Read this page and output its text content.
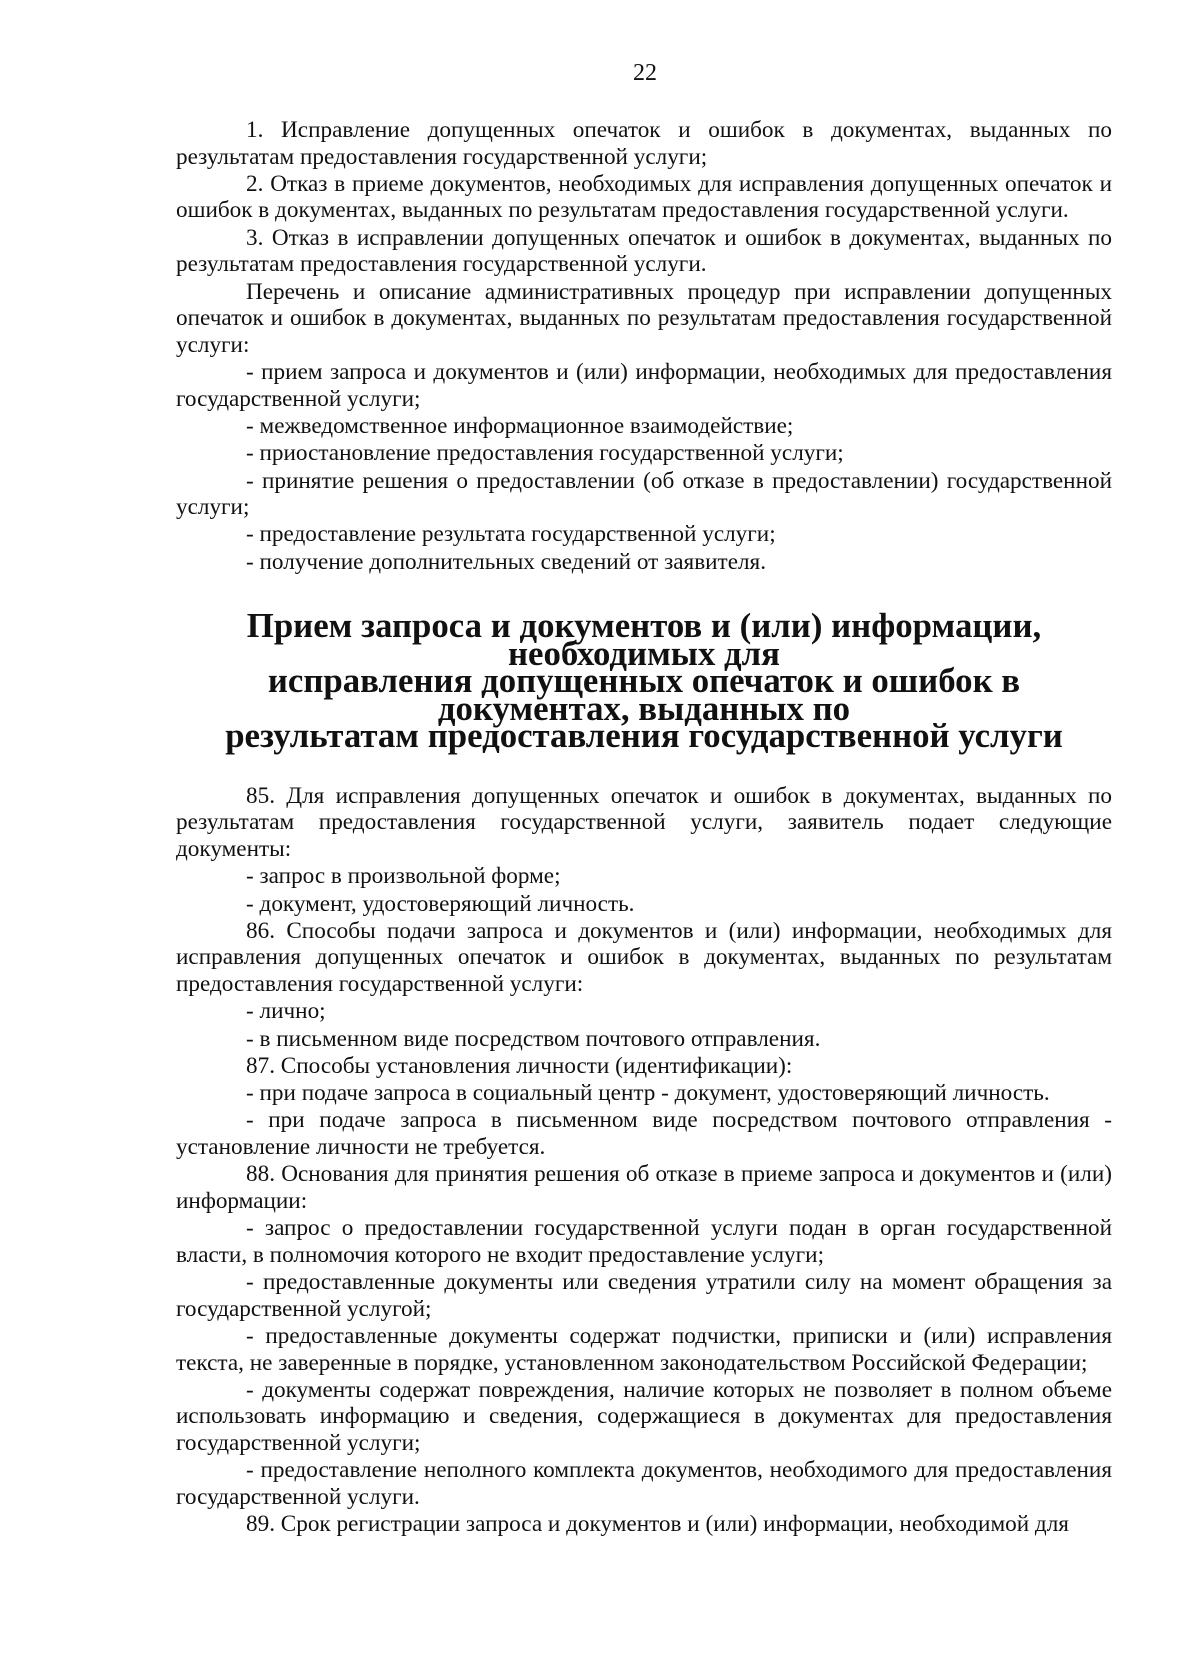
22

1. Исправление допущенных опечаток и ошибок в документах, выданных по результатам предоставления государственной услуги;

2. Отказ в приеме документов, необходимых для исправления допущенных опечаток и ошибок в документах, выданных по результатам предоставления государственной услуги.

3. Отказ в исправлении допущенных опечаток и ошибок в документах, выданных по результатам предоставления государственной услуги.

Перечень и описание административных процедур при исправлении допущенных опечаток и ошибок в документах, выданных по результатам предоставления государственной услуги:

- прием запроса и документов и (или) информации, необходимых для предоставления государственной услуги;

- межведомственное информационное взаимодействие;

- приостановление предоставления государственной услуги;

- принятие решения о предоставлении (об отказе в предоставлении) государственной услуги;

- предоставление результата государственной услуги;

- получение дополнительных сведений от заявителя.

Прием запроса и документов и (или) информации, необходимых для
исправления допущенных опечаток и ошибок в документах, выданных по
результатам предоставления государственной услуги

85. Для исправления допущенных опечаток и ошибок в документах, выданных по результатам предоставления государственной услуги, заявитель подает следующие документы:

- запрос в произвольной форме;

- документ, удостоверяющий личность.

86. Способы подачи запроса и документов и (или) информации, необходимых для исправления допущенных опечаток и ошибок в документах, выданных по результатам предоставления государственной услуги:

- лично;

- в письменном виде посредством почтового отправления.

87. Способы установления личности (идентификации):

- при подаче запроса в социальный центр - документ, удостоверяющий личность.

- при подаче запроса в письменном виде посредством почтового отправления - установление личности не требуется.

88. Основания для принятия решения об отказе в приеме запроса и документов и (или) информации:

- запрос о предоставлении государственной услуги подан в орган государственной власти, в полномочия которого не входит предоставление услуги;

- предоставленные документы или сведения утратили силу на момент обращения за государственной услугой;

- предоставленные документы содержат подчистки, приписки и (или) исправления текста, не заверенные в порядке, установленном законодательством Российской Федерации;

- документы содержат повреждения, наличие которых не позволяет в полном объеме использовать информацию и сведения, содержащиеся в документах для предоставления государственной услуги;

- предоставление неполного комплекта документов, необходимого для предоставления государственной услуги.

89. Срок регистрации запроса и документов и (или) информации, необходимой для
